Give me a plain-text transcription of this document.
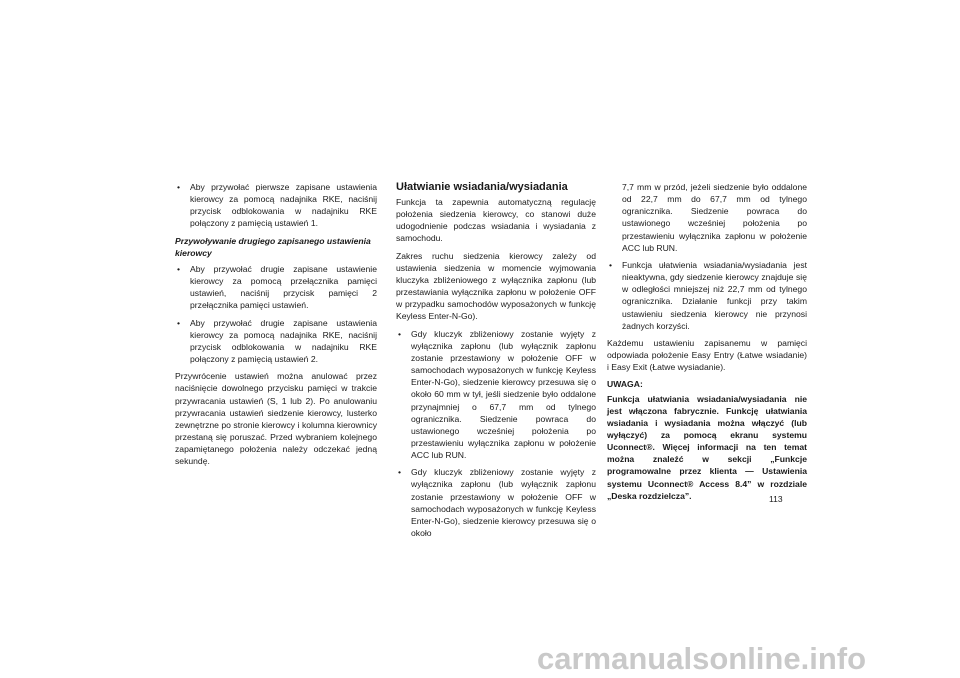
• Aby przywołać pierwsze zapisane ustawienia kierowcy za pomocą nadajnika RKE, naciśnij przycisk odblokowania w nadajniku RKE połączony z pamięcią ustawień 1.

Przywoływanie drugiego zapisanego ustawienia kierowcy

• Aby przywołać drugie zapisane ustawienie kierowcy za pomocą przełącznika pamięci ustawień, naciśnij przycisk pamięci 2 przełącznika pamięci ustawień.
• Aby przywołać drugie zapisane ustawienia kierowcy za pomocą nadajnika RKE, naciśnij przycisk odblokowania w nadajniku RKE połączony z pamięcią ustawień 2.

Przywrócenie ustawień można anulować przez naciśnięcie dowolnego przycisku pamięci w trakcie przywracania ustawień (S, 1 lub 2). Po anulowaniu przywracania ustawień siedzenie kierowcy, lusterko zewnętrzne po stronie kierowcy i kolumna kierownicy przestaną się poruszać. Przed wybraniem kolejnego zapamiętanego położenia należy odczekać jedną sekundę.

Ułatwianie wsiadania/wysiadania

Funkcja ta zapewnia automatyczną regulację położenia siedzenia kierowcy, co stanowi duże udogodnienie podczas wsiadania i wysiadania z samochodu.

Zakres ruchu siedzenia kierowcy zależy od ustawienia siedzenia w momencie wyjmowania kluczyka zbliżeniowego z wyłącznika zapłonu (lub przestawiania wyłącznika zapłonu w położenie OFF w przypadku samochodów wyposażonych w funkcję Keyless Enter-N-Go).

• Gdy kluczyk zbliżeniowy zostanie wyjęty z wyłącznika zapłonu (lub wyłącznik zapłonu zostanie przestawiony w położenie OFF w samochodach wyposażonych w funkcję Keyless Enter-N-Go), siedzenie kierowcy przesuwa się o około 60 mm w tył, jeśli siedzenie było oddalone przynajmniej o 67,7 mm od tylnego ogranicznika. Siedzenie powraca do ustawionego wcześniej położenia po przestawieniu wyłącznika zapłonu w położenie ACC lub RUN.
• Gdy kluczyk zbliżeniowy zostanie wyjęty z wyłącznika zapłonu (lub wyłącznik zapłonu zostanie przestawiony w położenie OFF w samochodach wyposażonych w funkcję Keyless Enter-N-Go), siedzenie kierowcy przesuwa się o około

7,7 mm w przód, jeżeli siedzenie było oddalone od 22,7 mm do 67,7 mm od tylnego ogranicznika. Siedzenie powraca do ustawionego wcześniej położenia po przestawieniu wyłącznika zapłonu w położenie ACC lub RUN.

• Funkcja ułatwienia wsiadania/wysiadania jest nieaktywna, gdy siedzenie kierowcy znajduje się w odległości mniejszej niż 22,7 mm od tylnego ogranicznika. Działanie funkcji przy takim ustawieniu siedzenia kierowcy nie przynosi żadnych korzyści.

Każdemu ustawieniu zapisanemu w pamięci odpowiada położenie Easy Entry (Łatwe wsiadanie) i Easy Exit (Łatwe wysiadanie).

UWAGA:

Funkcja ułatwiania wsiadania/wysiadania nie jest włączona fabrycznie. Funkcję ułatwiania wsiadania i wysiadania można włączyć (lub wyłączyć) za pomocą ekranu systemu Uconnect®. Więcej informacji na ten temat można znaleźć w sekcji „Funkcje programowalne przez klienta — Ustawienia systemu Uconnect® Access 8.4” w rozdziale „Deska rozdzielcza”.	113
carmanualsonline.info
